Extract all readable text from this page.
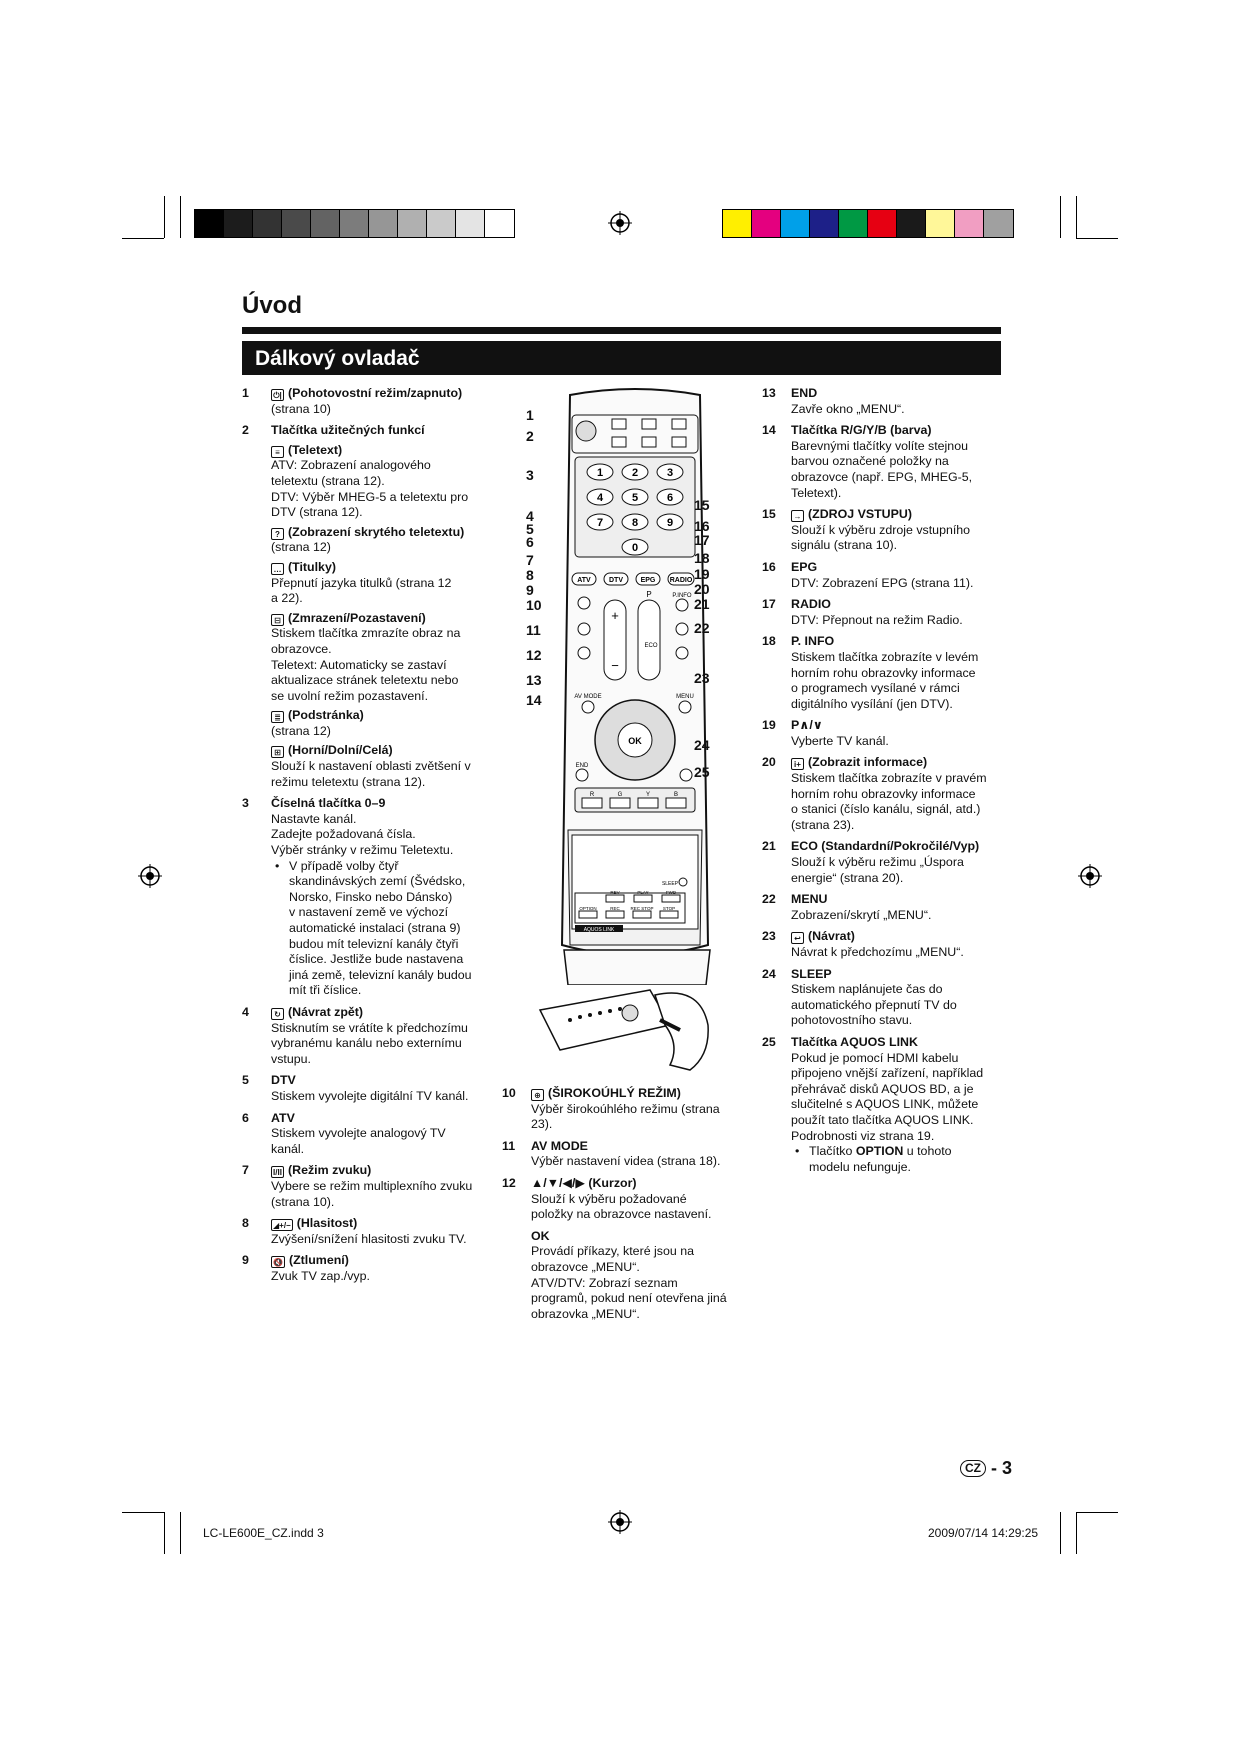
Úvod
Dálkový ovladač
1	⏻| (Pohotovostní režim/zapnuto)
(strana 10)
2 Tlačítka užitečných funkcí
≡ (Teletext)
ATV: Zobrazení analogového
teletextu (strana 12).
DTV: Výběr MHEG-5 a teletextu pro
DTV (strana 12).
? (Zobrazení skrytého teletextu)
(strana 12)
… (Titulky)
Přepnutí jazyka titulků (strana 12
a 22).
⊟ (Zmrazení/Pozastavení)
Stiskem tlačítka zmrazíte obraz na
obrazovce.
Teletext: Automaticky se zastaví
aktualizace stránek teletextu nebo
se uvolní režim pozastavení.
≣ (Podstránka)
(strana 12)
⊞ (Horní/Dolní/Celá)
Slouží k nastavení oblasti zvětšení v
režimu teletextu (strana 12).
3 Číselná tlačítka 0–9
Nastavte kanál.
Zadejte požadovaná čísla.
Výběr stránky v režimu Teletextu.
• V případě volby čtyř
skandinávských zemí (Švédsko,
Norsko, Finsko nebo Dánsko)
v nastavení země ve výchozí
automatické instalaci (strana 9)
budou mít televizní kanály čtyři
číslice. Jestliže bude nastavena
jiná země, televizní kanály budou
mít tři číslice.
4	↻ (Návrat zpět)
Stisknutím se vrátíte k předchozímu
vybranému kanálu nebo externímu
vstupu.
5 DTV
Stiskem vyvolejte digitální TV kanál.
6 ATV
Stiskem vyvolejte analogový TV
kanál.
7	I/II (Režim zvuku)
Vybere se režim multiplexního zvuku
(strana 10).
8	◢+/− (Hlasitost)
Zvýšení/snížení hlasitosti zvuku TV.
9	🔇 (Ztlumení)
Zvuk TV zap./vyp.
10	⊕ (ŠIROKOÚHLÝ REŽIM)
Výběr širokoúhlého režimu (strana
23).
11 AV MODE
Výběr nastavení videa (strana 18).
12 ▲/▼/◀/▶ (Kurzor)
Slouží k výběru požadované
položky na obrazovce nastavení.
OK
Provádí příkazy, které jsou na
obrazovce „MENU“.
ATV/DTV: Zobrazí seznam
programů, pokud není otevřena jiná
obrazovka „MENU“.
13 END
Zavře okno „MENU“.
14 Tlačítka R/G/Y/B (barva)
Barevnými tlačítky volíte stejnou
barvou označené položky na
obrazovce (např. EPG, MHEG-5,
Teletext).
15	→ (ZDROJ VSTUPU)
Slouží k výběru zdroje vstupního
signálu (strana 10).
16 EPG
DTV: Zobrazení EPG (strana 11).
17 RADIO
DTV: Přepnout na režim Radio.
18 P. INFO
Stiskem tlačítka zobrazíte v levém
horním rohu obrazovky informace
o programech vysílané v rámci
digitálního vysílání (jen DTV).
19 P∧/∨
Vyberte TV kanál.
20	i+ (Zobrazit informace)
Stiskem tlačítka zobrazíte v pravém
horním rohu obrazovky informace
o stanici (číslo kanálu, signál, atd.)
(strana 23).
21 ECO (Standardní/Pokročilé/Vyp)
Slouží k výběru režimu „Úspora
energie“ (strana 20).
22 MENU
Zobrazení/skrytí „MENU“.
23	↩ (Návrat)
Návrat k předchozímu „MENU“.
24 SLEEP
Stiskem naplánujete čas do
automatického přepnutí TV do
pohotovostního stavu.
25 Tlačítka AQUOS LINK
Pokud je pomocí HDMI kabelu
připojeno vnější zařízení, například
přehrávač disků AQUOS BD, a je
slučitelné s AQUOS LINK, můžete
použít tato tlačítka AQUOS LINK.
Podrobnosti viz strana 19.
• Tlačítko OPTION u tohoto
modelu nefunguje.
1	2	3
4	5	6
7	8	9
0
ATV	DTV	EPG RADIO
+
−
P	P.INFO
ECO
AV MODE	MENU
OK
END
R	G	Y	B
SLEEP
REV	PLAY	FWD
OPTION	REC REC STOP STOP
AQUOS LINK
1
2
3
4
5
6
7
8
9
10
11
12
13
14
15
16
17
18
19
20
21
22
23
24
25
CZ - 3
LC-LE600E_CZ.indd 3	2009/07/14 14:29:25
